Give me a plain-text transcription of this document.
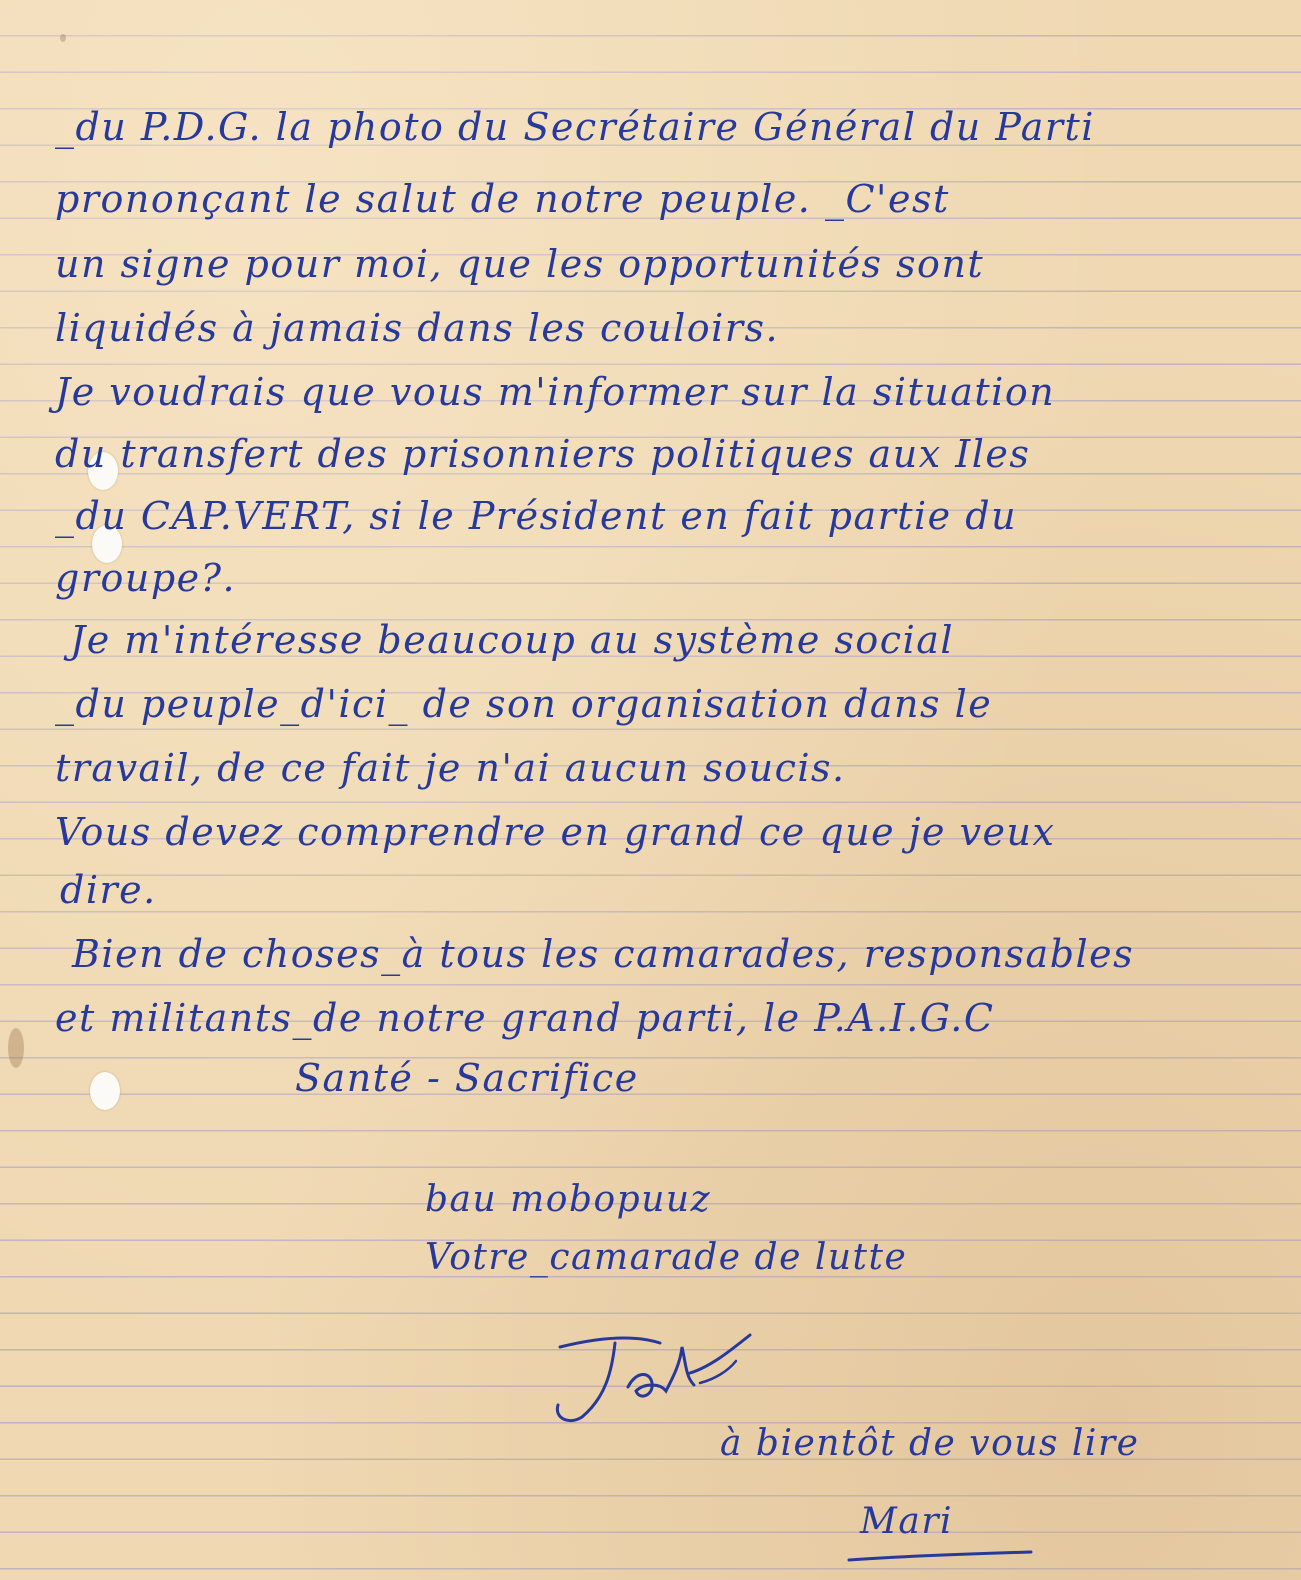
_du P.D.G. la photo du Secrétaire Général du Parti

prononçant le salut de notre peuple. _C'est

un signe pour moi, que les opportunités sont

liquidés à jamais dans les couloirs.

Je voudrais que vous m'informer sur la situation

du transfert des prisonniers politiques aux Iles

_du CAP.VERT, si le Président en fait partie du

groupe?.

Je m'intéresse beaucoup au système social

_du peuple_d'ici_ de son organisation dans le

travail, de ce fait je n'ai aucun soucis.

Vous devez comprendre en grand ce que je veux

dire.

Bien de choses_à tous les camarades, responsables

et militants_de notre grand parti, le P.A.I.G.C

Santé - Sacrifice

bau mobopuuz

Votre_camarade de lutte

à bientôt de vous lire

Mari
